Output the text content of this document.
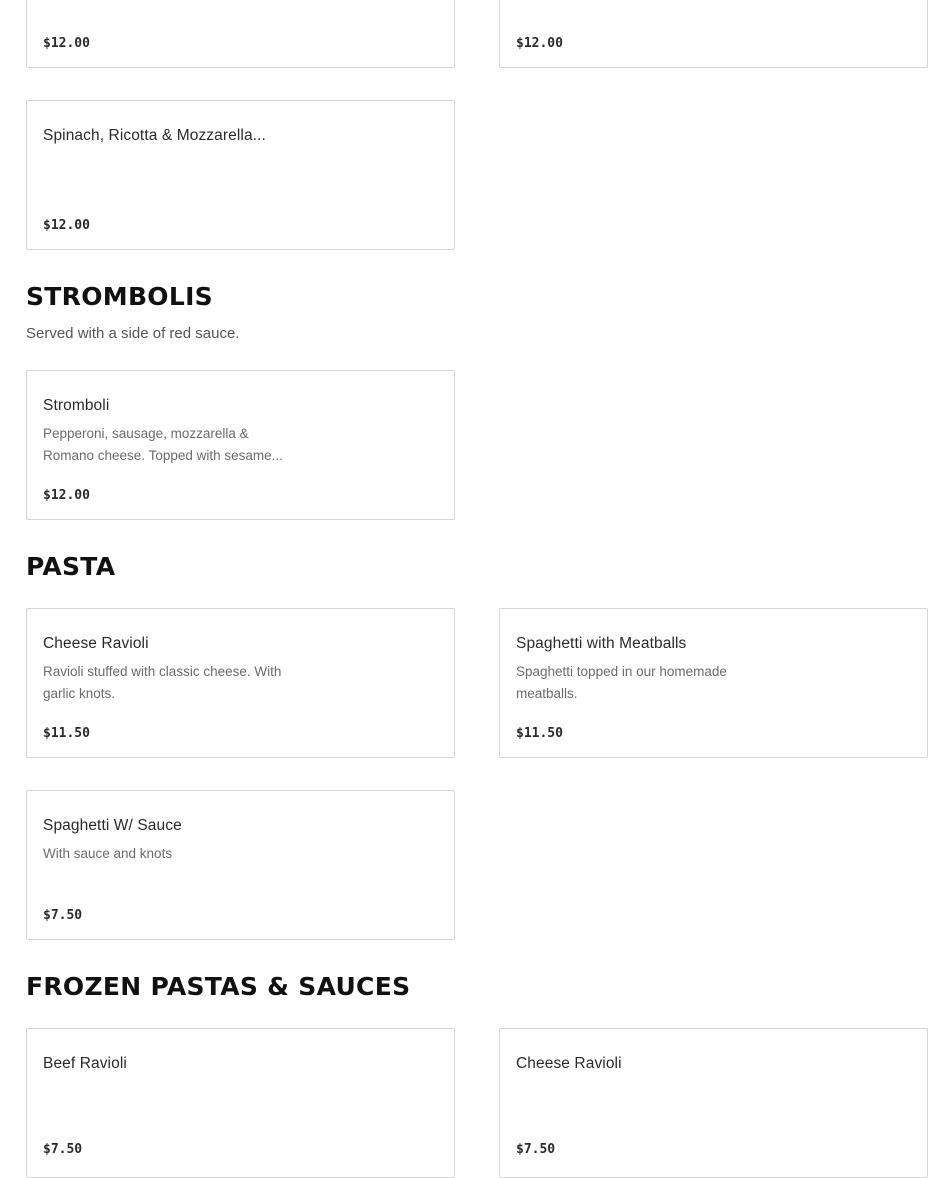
$12.00	$12.00
Spinach, Ricotta & Mozzarella...
$12.00
STROMBOLIS
Served with a side of red sauce.
Stromboli
Pepperoni, sausage, mozzarella & Romano cheese. Topped with sesame...
$12.00
PASTA
Cheese Ravioli
Ravioli stuffed with classic cheese. With garlic knots.
$11.50
Spaghetti with Meatballs
Spaghetti topped in our homemade meatballs.
$11.50
Spaghetti W/ Sauce
With sauce and knots
$7.50
FROZEN PASTAS & SAUCES
Beef Ravioli
$7.50
Cheese Ravioli
$7.50
